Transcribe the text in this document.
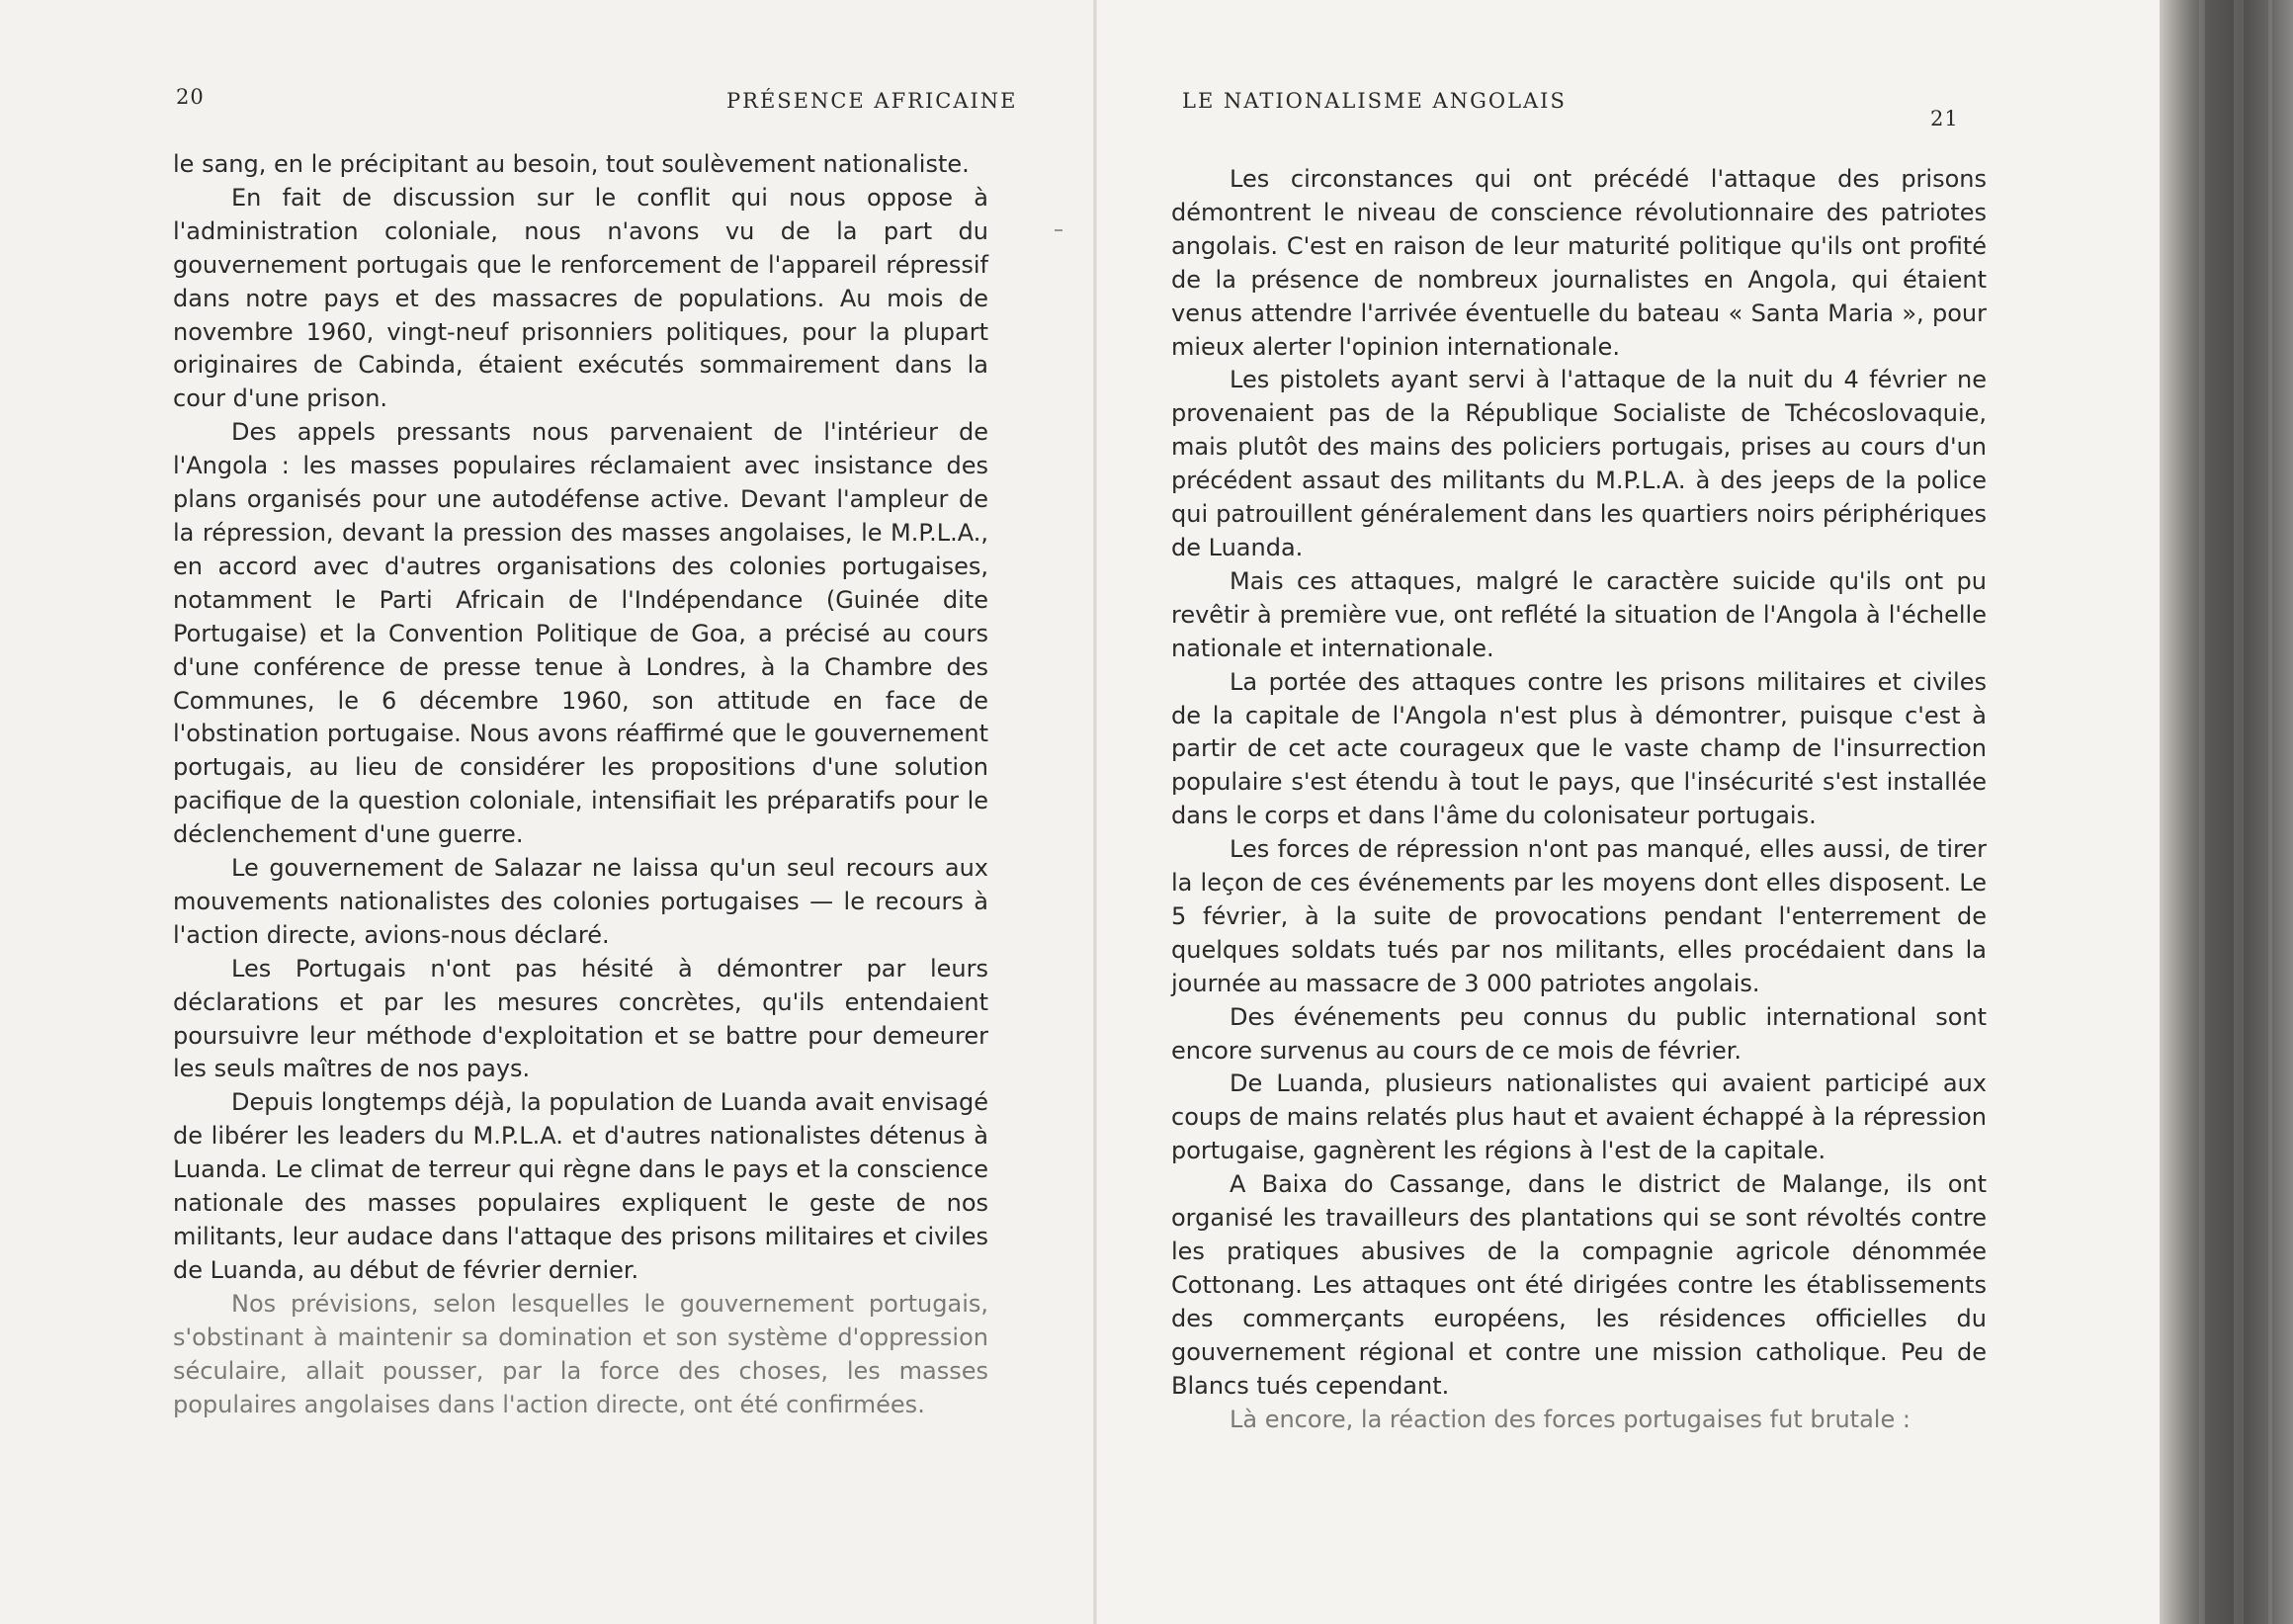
20	PRÉSENCE AFRICAINE

le sang, en le précipitant au besoin, tout soulèvement nationaliste.

En fait de discussion sur le conflit qui nous oppose à l'administration coloniale, nous n'avons vu de la part du gouvernement portugais que le renforcement de l'appareil répressif dans notre pays et des massacres de populations. Au mois de novembre 1960, vingt-neuf prisonniers politiques, pour la plupart originaires de Cabinda, étaient exécutés sommairement dans la cour d'une prison.

Des appels pressants nous parvenaient de l'intérieur de l'Angola : les masses populaires réclamaient avec insistance des plans organisés pour une autodéfense active. Devant l'ampleur de la répression, devant la pression des masses angolaises, le M.P.L.A., en accord avec d'autres organisations des colonies portugaises, notamment le Parti Africain de l'Indépendance (Guinée dite Portugaise) et la Convention Politique de Goa, a précisé au cours d'une conférence de presse tenue à Londres, à la Chambre des Communes, le 6 décembre 1960, son attitude en face de l'obstination portugaise. Nous avons réaffirmé que le gouvernement portugais, au lieu de considérer les propositions d'une solution pacifique de la question coloniale, intensifiait les préparatifs pour le déclenchement d'une guerre.

Le gouvernement de Salazar ne laissa qu'un seul recours aux mouvements nationalistes des colonies portugaises — le recours à l'action directe, avions-nous déclaré.

Les Portugais n'ont pas hésité à démontrer par leurs déclarations et par les mesures concrètes, qu'ils entendaient poursuivre leur méthode d'exploitation et se battre pour demeurer les seuls maîtres de nos pays.

Depuis longtemps déjà, la population de Luanda avait envisagé de libérer les leaders du M.P.L.A. et d'autres nationalistes détenus à Luanda. Le climat de terreur qui règne dans le pays et la conscience nationale des masses populaires expliquent le geste de nos militants, leur audace dans l'attaque des prisons militaires et civiles de Luanda, au début de février dernier.

Nos prévisions, selon lesquelles le gouvernement portugais, s'obstinant à maintenir sa domination et son système d'oppression séculaire, allait pousser, par la force des choses, les masses populaires angolaises dans l'action directe, ont été confirmées.

LE NATIONALISME ANGOLAIS
21

Les circonstances qui ont précédé l'attaque des prisons démontrent le niveau de conscience révolutionnaire des patriotes angolais. C'est en raison de leur maturité politique qu'ils ont profité de la présence de nombreux journalistes en Angola, qui étaient venus attendre l'arrivée éventuelle du bateau « Santa Maria », pour mieux alerter l'opinion internationale.

Les pistolets ayant servi à l'attaque de la nuit du 4 février ne provenaient pas de la République Socialiste de Tchécoslovaquie, mais plutôt des mains des policiers portugais, prises au cours d'un précédent assaut des militants du M.P.L.A. à des jeeps de la police qui patrouillent généralement dans les quartiers noirs périphériques de Luanda.

Mais ces attaques, malgré le caractère suicide qu'ils ont pu revêtir à première vue, ont reflété la situation de l'Angola à l'échelle nationale et internationale.

La portée des attaques contre les prisons militaires et civiles de la capitale de l'Angola n'est plus à démontrer, puisque c'est à partir de cet acte courageux que le vaste champ de l'insurrection populaire s'est étendu à tout le pays, que l'insécurité s'est installée dans le corps et dans l'âme du colonisateur portugais.

Les forces de répression n'ont pas manqué, elles aussi, de tirer la leçon de ces événements par les moyens dont elles disposent. Le 5 février, à la suite de provocations pendant l'enterrement de quelques soldats tués par nos militants, elles procédaient dans la journée au massacre de 3 000 patriotes angolais.

Des événements peu connus du public international sont encore survenus au cours de ce mois de février.

De Luanda, plusieurs nationalistes qui avaient participé aux coups de mains relatés plus haut et avaient échappé à la répression portugaise, gagnèrent les régions à l'est de la capitale.

A Baixa do Cassange, dans le district de Malange, ils ont organisé les travailleurs des plantations qui se sont révoltés contre les pratiques abusives de la compagnie agricole dénommée Cottonang. Les attaques ont été dirigées contre les établissements des commerçants européens, les résidences officielles du gouvernement régional et contre une mission catholique. Peu de Blancs tués cependant.

Là encore, la réaction des forces portugaises fut brutale :
